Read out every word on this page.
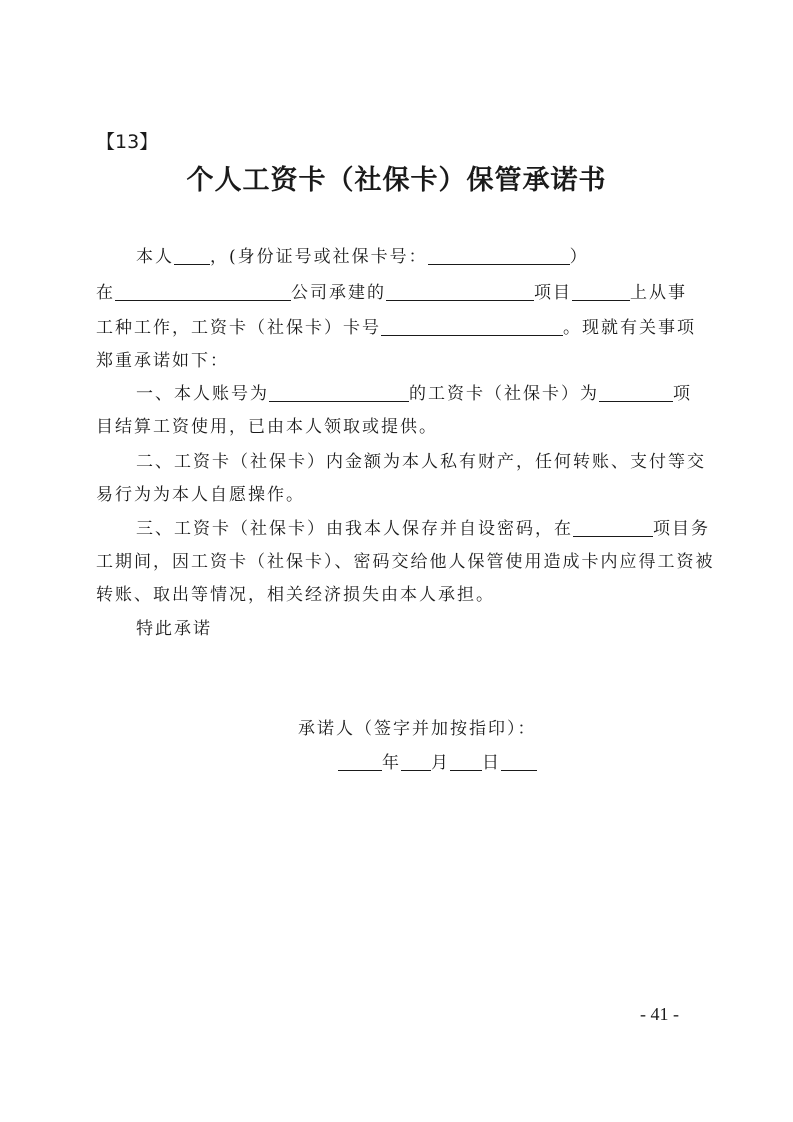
【13】
个人工资卡（社保卡）保管承诺书
本人 ，(身份证号或社保卡号：	）
在	公司承建的	项目	上从事
工种工作，工资卡（社保卡）卡号	。现就有关事项
郑重承诺如下：
一、本人账号为	的工资卡（社保卡）为	项
目结算工资使用，已由本人领取或提供。
二、工资卡（社保卡）内金额为本人私有财产，任何转账、支付等交
易行为为本人自愿操作。
三、工资卡（社保卡）由我本人保存并自设密码，在	项目务
工期间，因工资卡（社保卡）、密码交给他人保管使用造成卡内应得工资被
转账、取出等情况，相关经济损失由本人承担。
特此承诺
承诺人（签字并加按指印）：
年 月 日
- 41 -
